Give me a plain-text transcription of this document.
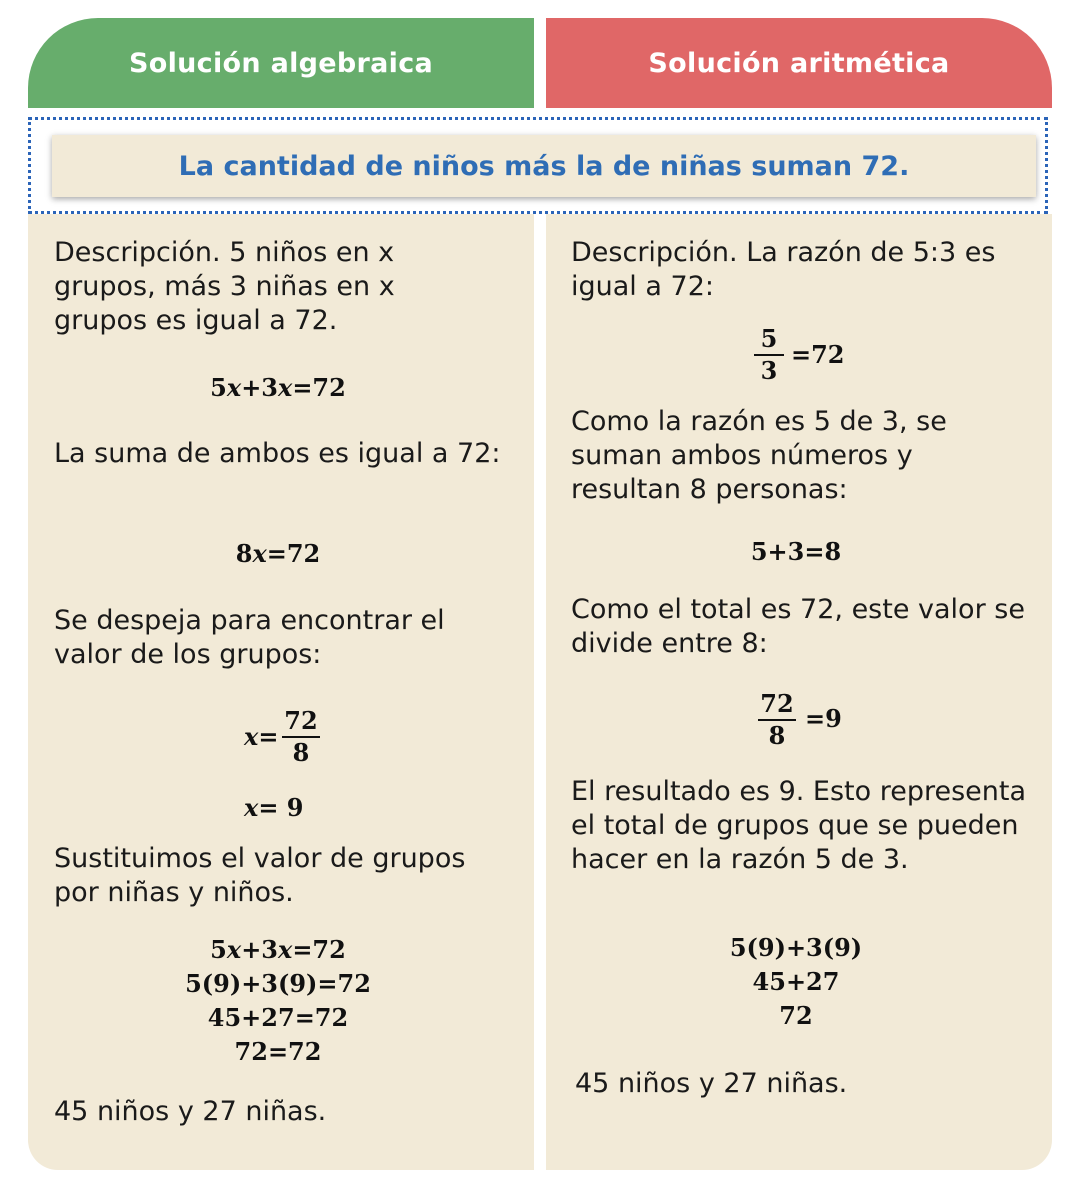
Solución algebraica	Solución aritmética
La cantidad de niños más la de niñas suman 72.

Descripción. 5 niños en x grupos, más 3 niñas en x grupos es igual a 72.

5x+3x=72

La suma de ambos es igual a 72:

8x=72

Se despeja para encontrar el valor de los grupos:

x=
72
8
x= 9

Sustituimos el valor de grupos por niñas y niños.

5x+3x=72
5(9)+3(9)=72
45+27=72
72=72

45 niños y 27 niñas.

Descripción. La razón de 5:3 es igual a 72:

5
3
=72

Como la razón es 5 de 3, se suman ambos números y resultan 8 personas:

5+3=8

Como el total es 72, este valor se divide entre 8:

72
8
=9

El resultado es 9. Esto representa el total de grupos que se pueden hacer en la razón 5 de 3.

5(9)+3(9)
45+27
72

45 niños y 27 niñas.
